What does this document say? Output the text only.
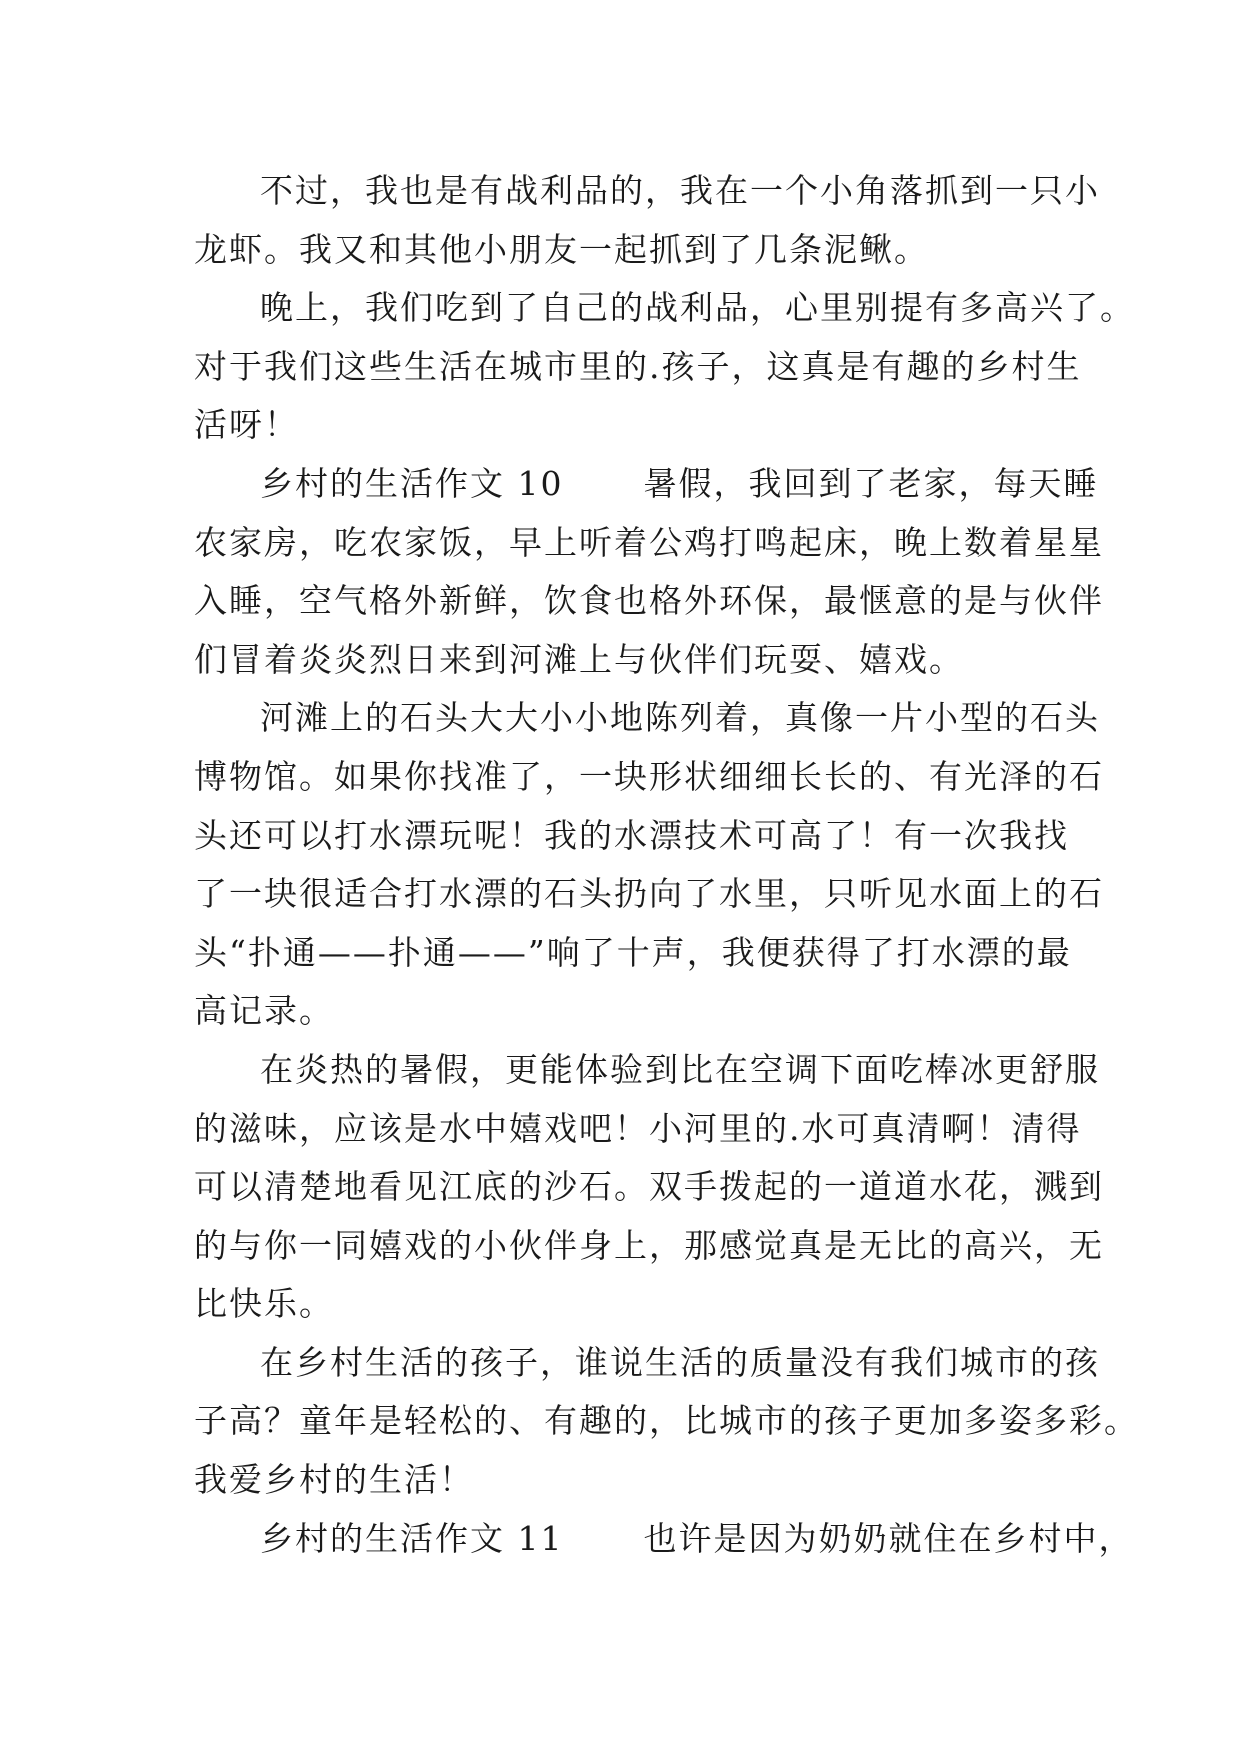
不过，我也是有战利品的，我在一个小角落抓到一只小
龙虾。我又和其他小朋友一起抓到了几条泥鳅。
晚上，我们吃到了自己的战利品，心里别提有多高兴了。
对于我们这些生活在城市里的.孩子，这真是有趣的乡村生
活呀！
乡村的生活作文 10 暑假，我回到了老家，每天睡
农家房，吃农家饭，早上听着公鸡打鸣起床，晚上数着星星
入睡，空气格外新鲜，饮食也格外环保，最惬意的是与伙伴
们冒着炎炎烈日来到河滩上与伙伴们玩耍、嬉戏。
河滩上的石头大大小小地陈列着，真像一片小型的石头
博物馆。如果你找准了，一块形状细细长长的、有光泽的石
头还可以打水漂玩呢！我的水漂技术可高了！有一次我找
了一块很适合打水漂的石头扔向了水里，只听见水面上的石
头“扑通——扑通——”响了十声，我便获得了打水漂的最
高记录。
在炎热的暑假，更能体验到比在空调下面吃棒冰更舒服
的滋味，应该是水中嬉戏吧！小河里的.水可真清啊！清得
可以清楚地看见江底的沙石。双手拨起的一道道水花，溅到
的与你一同嬉戏的小伙伴身上，那感觉真是无比的高兴，无
比快乐。
在乡村生活的孩子，谁说生活的质量没有我们城市的孩
子高？童年是轻松的、有趣的，比城市的孩子更加多姿多彩。
我爱乡村的生活！
乡村的生活作文 11 也许是因为奶奶就住在乡村中，
